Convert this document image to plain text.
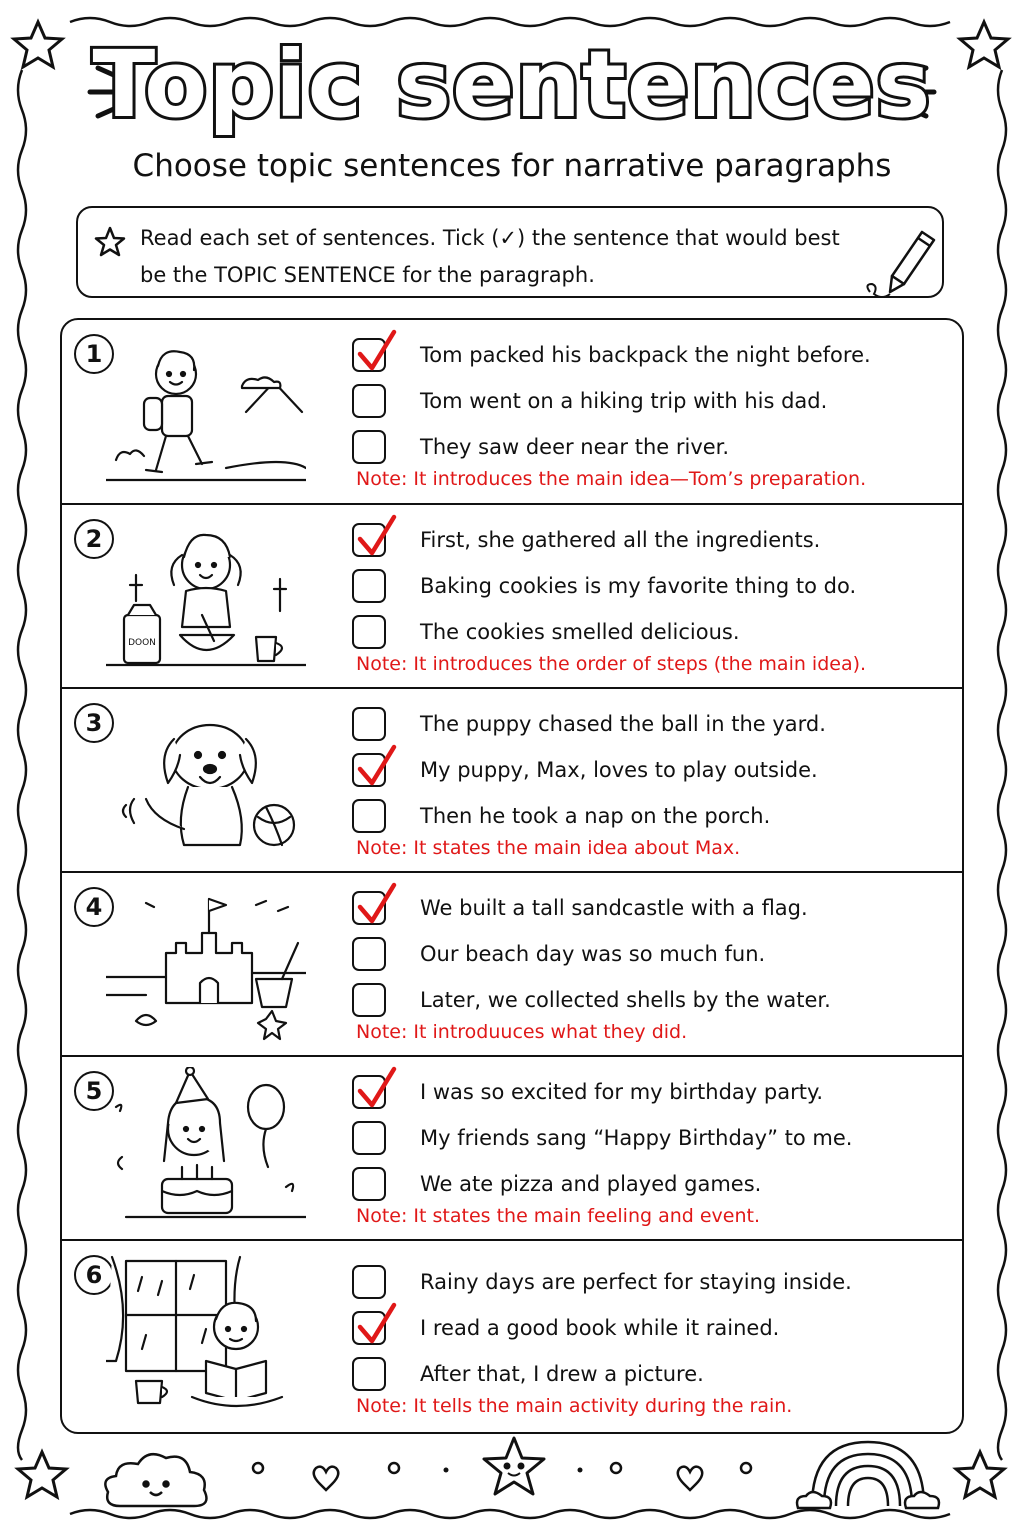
Topic sentences
Choose topic sentences for narrative paragraphs
Read each set of sentences. Tick (✓) the sentence that would best
be the TOPIC SENTENCE for the paragraph.
1	Tom packed his backpack the night before.
Tom went on a hiking trip with his dad.
They saw deer near the river.
Note: It introduces the main idea—Tom’s preparation.
2
DOON
First, she gathered all the ingredients.
Baking cookies is my favorite thing to do.
The cookies smelled delicious.
Note: It introduces the order of steps (the main idea).
3	The puppy chased the ball in the yard.
My puppy, Max, loves to play outside.
Then he took a nap on the porch.
Note: It states the main idea about Max.
4	We built a tall sandcastle with a flag.
Our beach day was so much fun.
Later, we collected shells by the water.
Note: It introduuces what they did.
5	I was so excited for my birthday party.
My friends sang “Happy Birthday” to me.
We ate pizza and played games.
Note: It states the main feeling and event.
6	Rainy days are perfect for staying inside.
I read a good book while it rained.
After that, I drew a picture.
Note: It tells the main activity during the rain.
